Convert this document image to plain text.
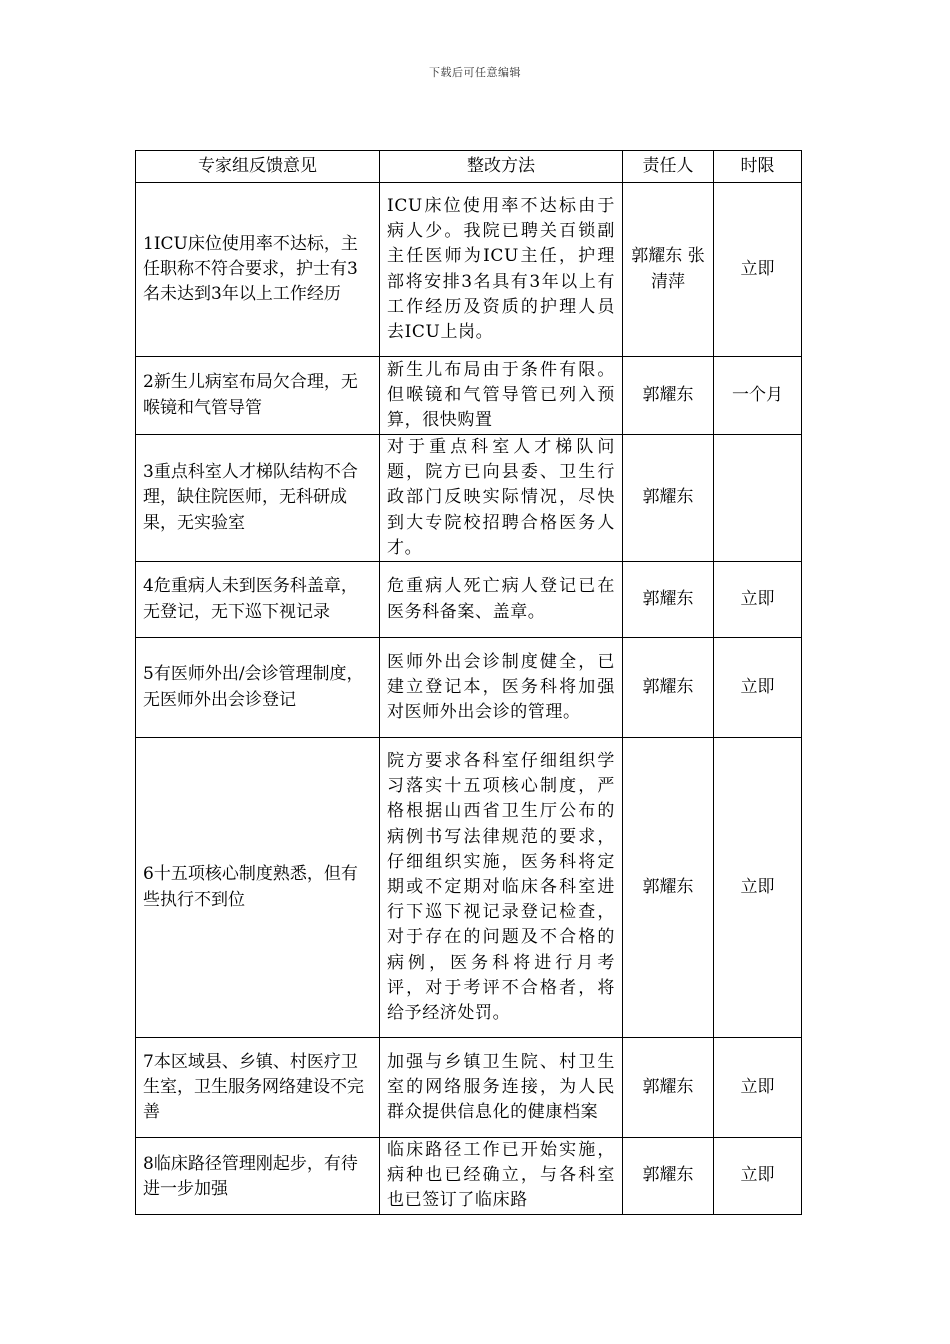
下载后可任意编辑
专家组反馈意见	整改方法	责任人	时限
1ICU床位使用率不达标，主任职称不符合要求，护士有3名未达到3年以上工作经历	ICU床位使用率不达标由于病人少。我院已聘关百锁副主任医师为ICU主任，护理部将安排3名具有3年以上有工作经历及资质的护理人员去ICU上岗。	郭耀东 张清萍	立即
2新生儿病室布局欠合理，无喉镜和气管导管	新生儿布局由于条件有限。但喉镜和气管导管已列入预算，很快购置	郭耀东	一个月
3重点科室人才梯队结构不合理，缺住院医师，无科研成果，无实验室	对于重点科室人才梯队问题，院方已向县委、卫生行政部门反映实际情况，尽快到大专院校招聘合格医务人才。	郭耀东	
4危重病人未到医务科盖章，无登记，无下巡下视记录	危重病人死亡病人登记已在医务科备案、盖章。	郭耀东	立即
5有医师外出/会诊管理制度，无医师外出会诊登记	医师外出会诊制度健全，已建立登记本，医务科将加强对医师外出会诊的管理。	郭耀东	立即
6十五项核心制度熟悉，但有些执行不到位	院方要求各科室仔细组织学习落实十五项核心制度，严格根据山西省卫生厅公布的病例书写法律规范的要求，仔细组织实施，医务科将定期或不定期对临床各科室进行下巡下视记录登记检查，对于存在的问题及不合格的病例，医务科将进行月考评，对于考评不合格者，将给予经济处罚。	郭耀东	立即
7本区域县、乡镇、村医疗卫生室，卫生服务网络建设不完善	加强与乡镇卫生院、村卫生室的网络服务连接，为人民群众提供信息化的健康档案	郭耀东	立即
8临床路径管理刚起步，有待进一步加强	临床路径工作已开始实施，病种也已经确立，与各科室也已签订了临床路	郭耀东	立即
